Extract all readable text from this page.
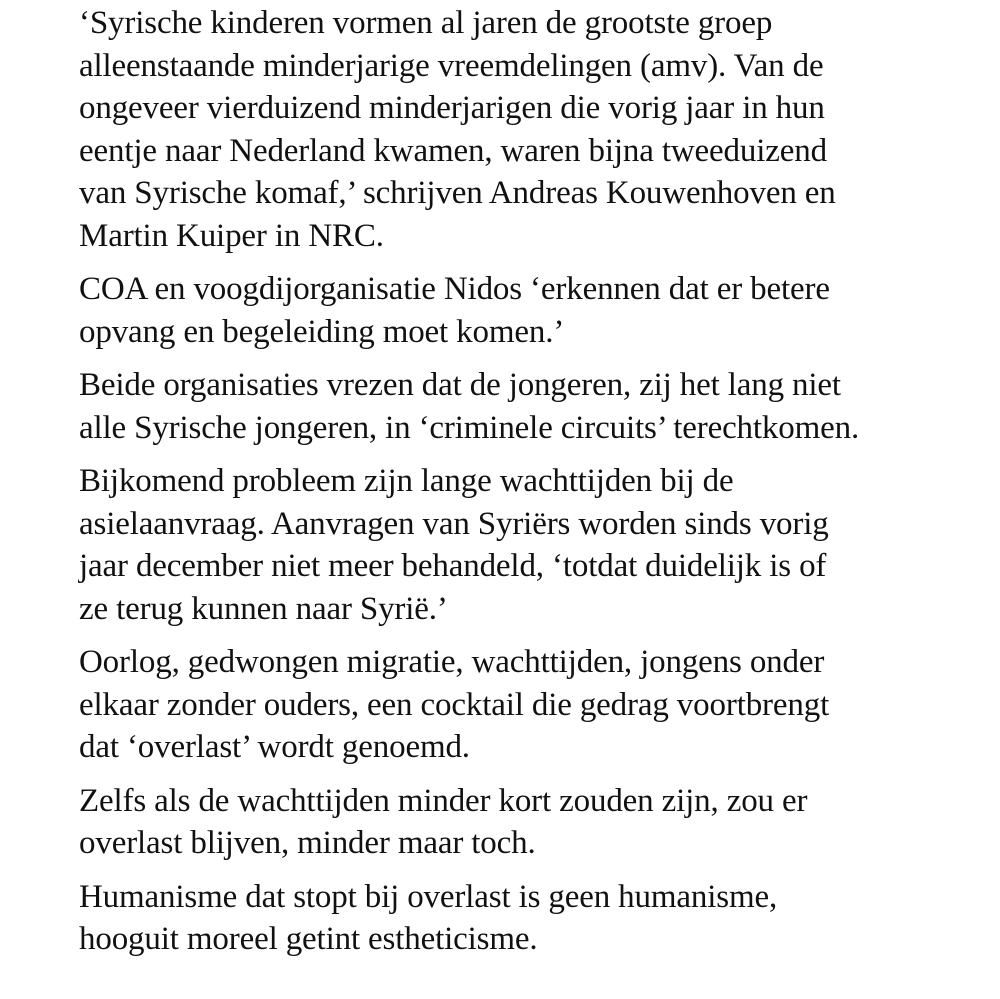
‘Syrische kinderen vormen al jaren de grootste groep
alleenstaande minderjarige vreemdelingen (amv). Van de
ongeveer vierduizend minderjarigen die vorig jaar in hun
eentje naar Nederland kwamen, waren bijna tweeduizend
van Syrische komaf,’ schrijven Andreas Kouwenhoven en
Martin Kuiper in NRC.

COA en voogdijorganisatie Nidos ‘erkennen dat er betere
opvang en begeleiding moet komen.’

Beide organisaties vrezen dat de jongeren, zij het lang niet
alle Syrische jongeren, in ‘criminele circuits’ terechtkomen.

Bijkomend probleem zijn lange wachttijden bij de
asielaanvraag. Aanvragen van Syriërs worden sinds vorig
jaar december niet meer behandeld, ‘totdat duidelijk is of
ze terug kunnen naar Syrië.’

Oorlog, gedwongen migratie, wachttijden, jongens onder
elkaar zonder ouders, een cocktail die gedrag voortbrengt
dat ‘overlast’ wordt genoemd.

Zelfs als de wachttijden minder kort zouden zijn, zou er
overlast blijven, minder maar toch.

Humanisme dat stopt bij overlast is geen humanisme,
hooguit moreel getint estheticisme.
